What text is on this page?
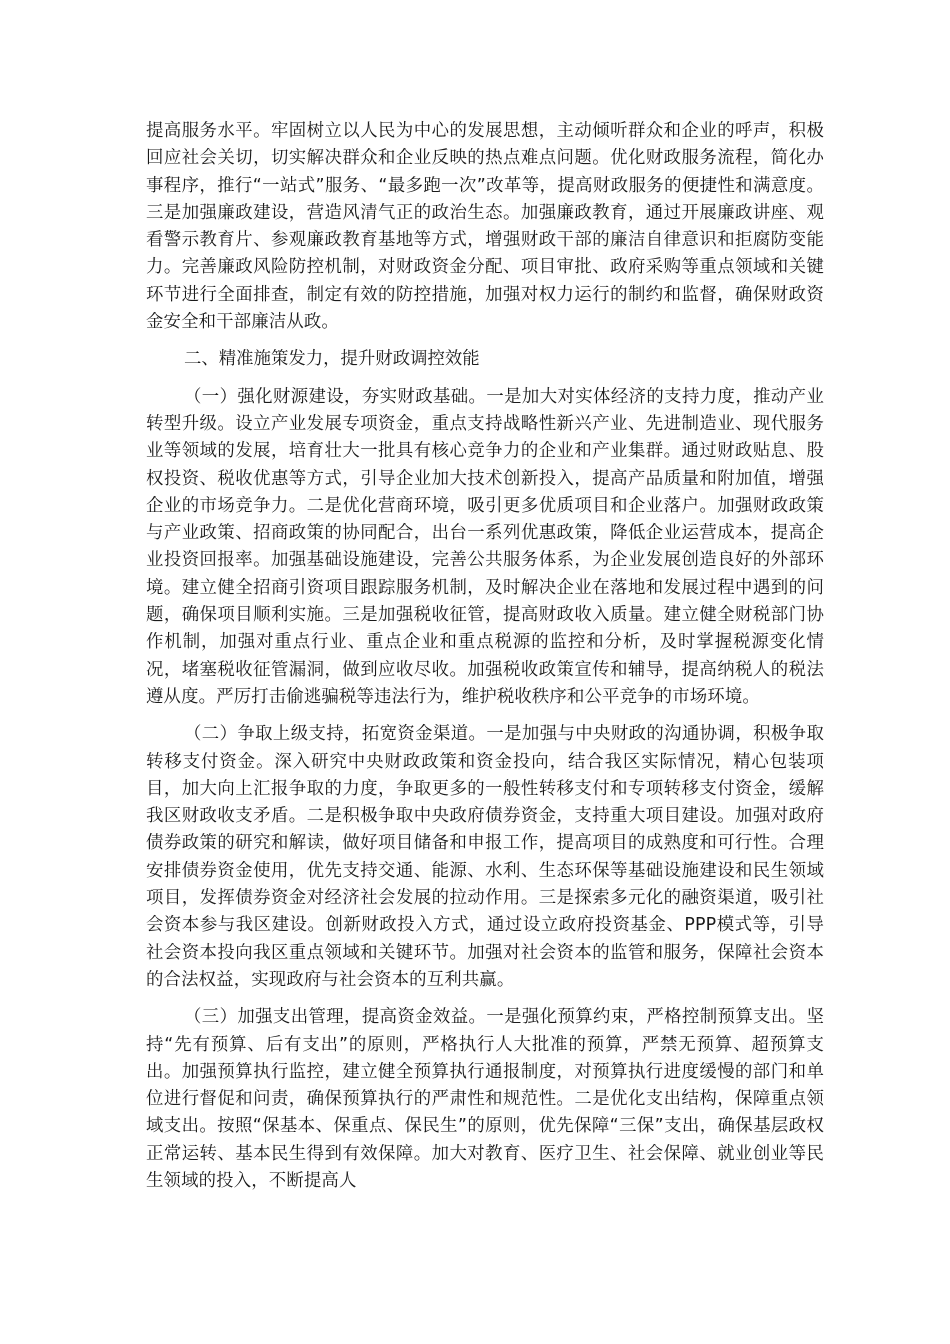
提高服务水平。牢固树立以人民为中心的发展思想，主动倾听群众和企业的呼声，积极回应社会关切，切实解决群众和企业反映的热点难点问题。优化财政服务流程，简化办事程序，推行“一站式”服务、“最多跑一次”改革等，提高财政服务的便捷性和满意度。三是加强廉政建设，营造风清气正的政治生态。加强廉政教育，通过开展廉政讲座、观看警示教育片、参观廉政教育基地等方式，增强财政干部的廉洁自律意识和拒腐防变能力。完善廉政风险防控机制，对财政资金分配、项目审批、政府采购等重点领域和关键环节进行全面排查，制定有效的防控措施，加强对权力运行的制约和监督，确保财政资金安全和干部廉洁从政。

二、精准施策发力，提升财政调控效能

（一）强化财源建设，夯实财政基础。一是加大对实体经济的支持力度，推动产业转型升级。设立产业发展专项资金，重点支持战略性新兴产业、先进制造业、现代服务业等领域的发展，培育壮大一批具有核心竞争力的企业和产业集群。通过财政贴息、股权投资、税收优惠等方式，引导企业加大技术创新投入，提高产品质量和附加值，增强企业的市场竞争力。二是优化营商环境，吸引更多优质项目和企业落户。加强财政政策与产业政策、招商政策的协同配合，出台一系列优惠政策，降低企业运营成本，提高企业投资回报率。加强基础设施建设，完善公共服务体系，为企业发展创造良好的外部环境。建立健全招商引资项目跟踪服务机制，及时解决企业在落地和发展过程中遇到的问题，确保项目顺利实施。三是加强税收征管，提高财政收入质量。建立健全财税部门协作机制，加强对重点行业、重点企业和重点税源的监控和分析，及时掌握税源变化情况，堵塞税收征管漏洞，做到应收尽收。加强税收政策宣传和辅导，提高纳税人的税法遵从度。严厉打击偷逃骗税等违法行为，维护税收秩序和公平竞争的市场环境。

（二）争取上级支持，拓宽资金渠道。一是加强与中央财政的沟通协调，积极争取转移支付资金。深入研究中央财政政策和资金投向，结合我区实际情况，精心包装项目，加大向上汇报争取的力度，争取更多的一般性转移支付和专项转移支付资金，缓解我区财政收支矛盾。二是积极争取中央政府债券资金，支持重大项目建设。加强对政府债券政策的研究和解读，做好项目储备和申报工作，提高项目的成熟度和可行性。合理安排债券资金使用，优先支持交通、能源、水利、生态环保等基础设施建设和民生领域项目，发挥债券资金对经济社会发展的拉动作用。三是探索多元化的融资渠道，吸引社会资本参与我区建设。创新财政投入方式，通过设立政府投资基金、PPP模式等，引导社会资本投向我区重点领域和关键环节。加强对社会资本的监管和服务，保障社会资本的合法权益，实现政府与社会资本的互利共赢。

（三）加强支出管理，提高资金效益。一是强化预算约束，严格控制预算支出。坚持“先有预算、后有支出”的原则，严格执行人大批准的预算，严禁无预算、超预算支出。加强预算执行监控，建立健全预算执行通报制度，对预算执行进度缓慢的部门和单位进行督促和问责，确保预算执行的严肃性和规范性。二是优化支出结构，保障重点领域支出。按照“保基本、保重点、保民生”的原则，优先保障“三保”支出，确保基层政权正常运转、基本民生得到有效保障。加大对教育、医疗卫生、社会保障、就业创业等民生领域的投入，不断提高人
